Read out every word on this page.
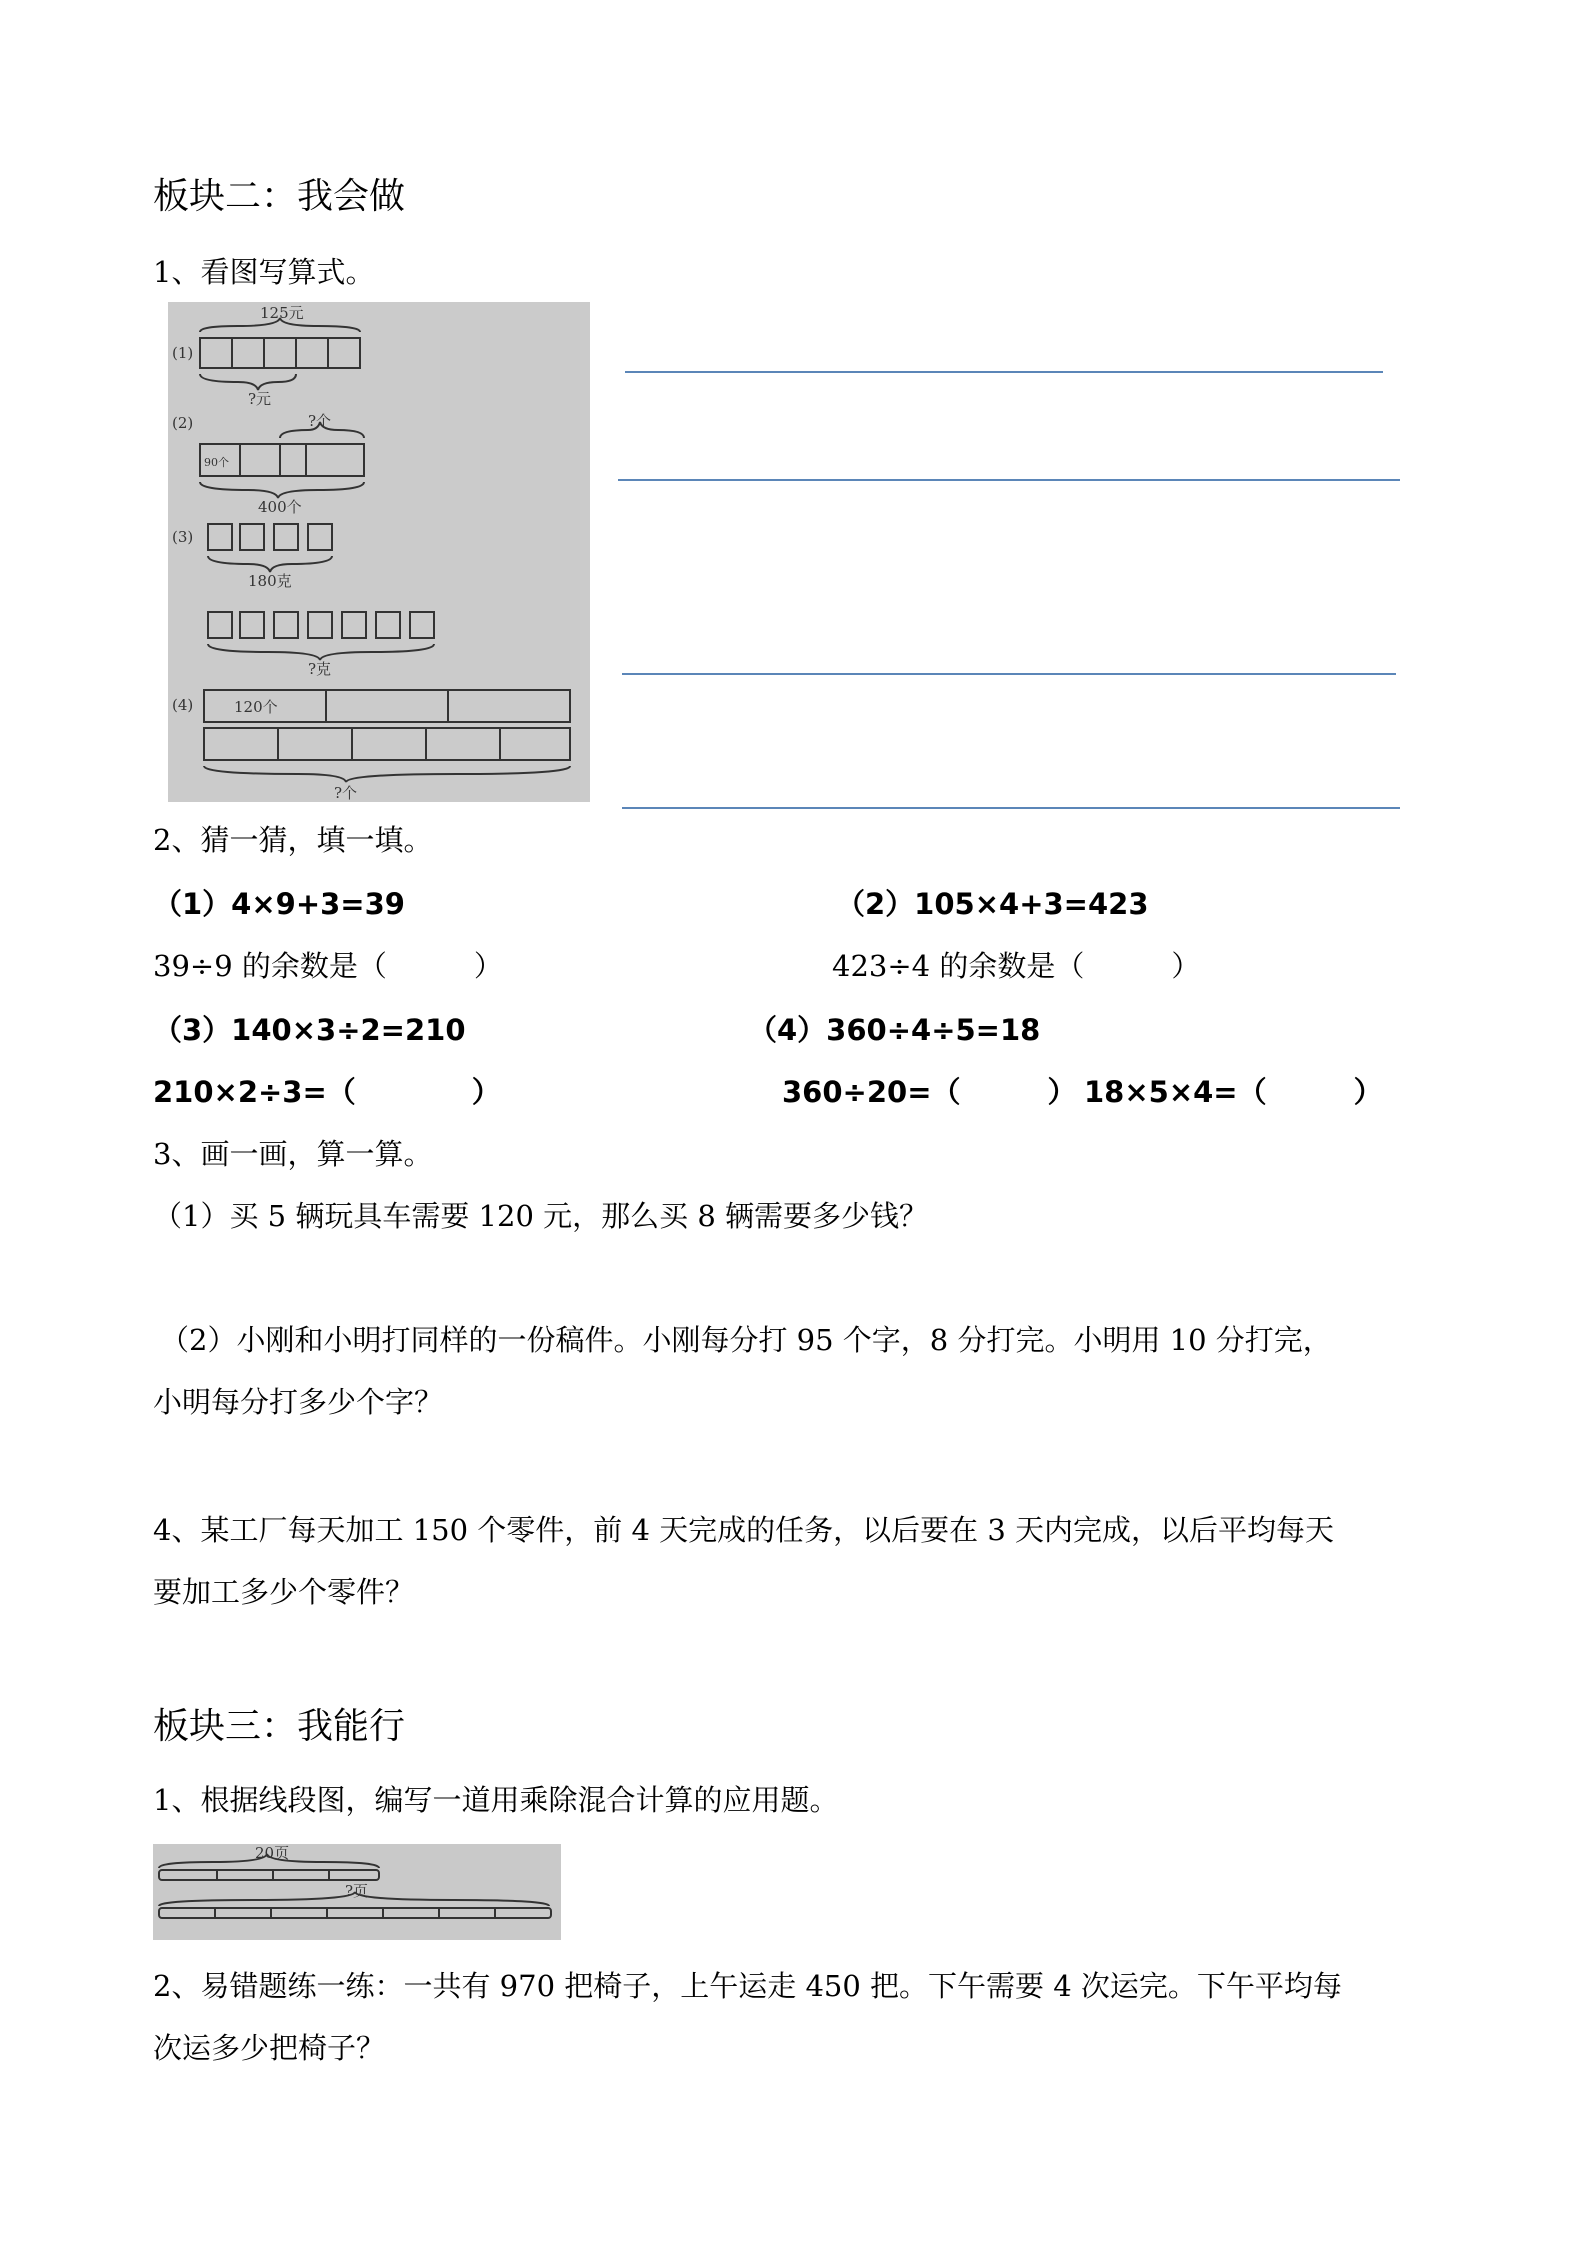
板块二：我会做
1、看图写算式。
125元
(1)
?元
(2)	?个
90个
400个
(3)
180克
?克
(4)	120个
?个
2、猜一猜，填一填。
（1）4×9+3=39	（2）105×4+3=423
39÷9 的余数是（　　　）	423÷4 的余数是（　　　）
（3）140×3÷2=210	（4）360÷4÷5=18
210×2÷3=（　　　　）	360÷20=（　　　） 18×5×4=（　　　）
3、画一画，算一算。
（1）买 5 辆玩具车需要 120 元，那么买 8 辆需要多少钱？
（2）小刚和小明打同样的一份稿件。小刚每分打 95 个字，8 分打完。小明用 10 分打完，
小明每分打多少个字？
4、某工厂每天加工 150 个零件，前 4 天完成的任务，以后要在 3 天内完成，以后平均每天
要加工多少个零件？
板块三：我能行
1、根据线段图，编写一道用乘除混合计算的应用题。
20页
?页
2、易错题练一练：一共有 970 把椅子，上午运走 450 把。下午需要 4 次运完。下午平均每
次运多少把椅子？
